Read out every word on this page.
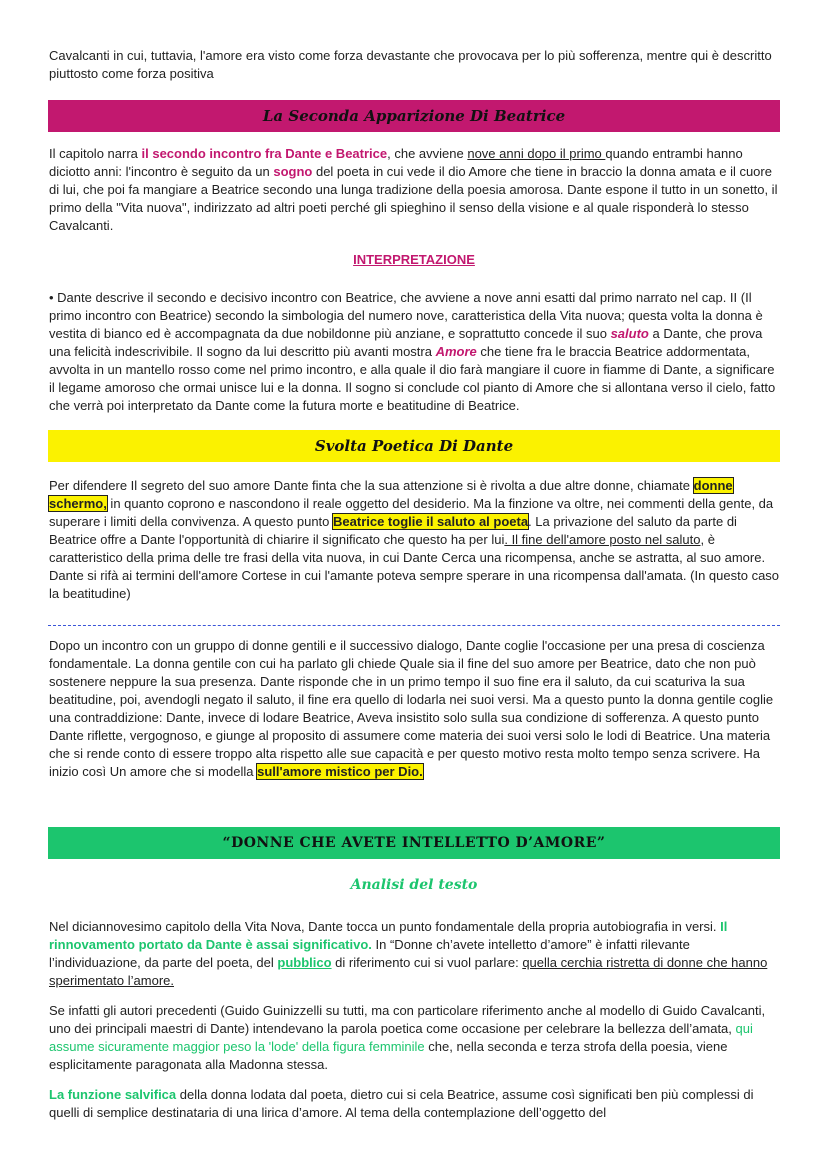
Cavalcanti in cui, tuttavia, l'amore era visto come forza devastante che provocava per lo più sofferenza, mentre qui è descritto piuttosto come forza positiva

La Seconda Apparizione Di Beatrice

Il capitolo narra il secondo incontro fra Dante e Beatrice, che avviene nove anni dopo il primo quando entrambi hanno diciotto anni: l'incontro è seguito da un sogno del poeta in cui vede il dio Amore che tiene in braccio la donna amata e il cuore di lui, che poi fa mangiare a Beatrice secondo una lunga tradizione della poesia amorosa. Dante espone il tutto in un sonetto, il primo della "Vita nuova", indirizzato ad altri poeti perché gli spieghino il senso della visione e al quale risponderà lo stesso Cavalcanti.

INTERPRETAZIONE

• Dante descrive il secondo e decisivo incontro con Beatrice, che avviene a nove anni esatti dal primo narrato nel cap. II (Il primo incontro con Beatrice) secondo la simbologia del numero nove, caratteristica della Vita nuova; questa volta la donna è vestita di bianco ed è accompagnata da due nobildonne più anziane, e soprattutto concede il suo saluto a Dante, che prova una felicità indescrivibile. Il sogno da lui descritto più avanti mostra Amore che tiene fra le braccia Beatrice addormentata, avvolta in un mantello rosso come nel primo incontro, e alla quale il dio farà mangiare il cuore in fiamme di Dante, a significare il legame amoroso che ormai unisce lui e la donna. Il sogno si conclude col pianto di Amore che si allontana verso il cielo, fatto che verrà poi interpretato da Dante come la futura morte e beatitudine di Beatrice.

Svolta Poetica Di Dante

Per difendere Il segreto del suo amore Dante finta che la sua attenzione si è rivolta a due altre donne, chiamate donne schermo, in quanto coprono e nascondono il reale oggetto del desiderio. Ma la finzione va oltre, nei commenti della gente, da superare i limiti della convivenza. A questo punto Beatrice toglie il saluto al poeta. La privazione del saluto da parte di Beatrice offre a Dante l'opportunità di chiarire il significato che questo ha per lui. Il fine dell'amore posto nel saluto, è caratteristico della prima delle tre frasi della vita nuova, in cui Dante Cerca una ricompensa, anche se astratta, al suo amore. Dante si rifà ai termini dell'amore Cortese in cui l'amante poteva sempre sperare in una ricompensa dall'amata. (In questo caso la beatitudine)

Dopo un incontro con un gruppo di donne gentili e il successivo dialogo, Dante coglie l'occasione per una presa di coscienza fondamentale. La donna gentile con cui ha parlato gli chiede Quale sia il fine del suo amore per Beatrice, dato che non può sostenere neppure la sua presenza. Dante risponde che in un primo tempo il suo fine era il saluto, da cui scaturiva la sua beatitudine, poi, avendogli negato il saluto, il fine era quello di lodarla nei suoi versi. Ma a questo punto la donna gentile coglie una contraddizione: Dante, invece di lodare Beatrice, Aveva insistito solo sulla sua condizione di sofferenza. A questo punto Dante riflette, vergognoso, e giunge al proposito di assumere come materia dei suoi versi solo le lodi di Beatrice. Una materia che si rende conto di essere troppo alta rispetto alle sue capacità e per questo motivo resta molto tempo senza scrivere. Ha inizio così Un amore che si modella sull'amore mistico per Dio.

“DONNE CHE AVETE INTELLETTO D’AMORE”
Analisi del testo

Nel diciannovesimo capitolo della Vita Nova, Dante tocca un punto fondamentale della propria autobiografia in versi. Il rinnovamento portato da Dante è assai significativo. In “Donne ch’avete intelletto d’amore” è infatti rilevante l’individuazione, da parte del poeta, del pubblico di riferimento cui si vuol parlare: quella cerchia ristretta di donne che hanno sperimentato l’amore.

Se infatti gli autori precedenti (Guido Guinizzelli su tutti, ma con particolare riferimento anche al modello di Guido Cavalcanti, uno dei principali maestri di Dante) intendevano la parola poetica come occasione per celebrare la bellezza dell’amata, qui assume sicuramente maggior peso la 'lode' della figura femminile che, nella seconda e terza strofa della poesia, viene esplicitamente paragonata alla Madonna stessa.

La funzione salvifica della donna lodata dal poeta, dietro cui si cela Beatrice, assume così significati ben più complessi di quelli di semplice destinataria di una lirica d’amore. Al tema della contemplazione dell’oggetto del
